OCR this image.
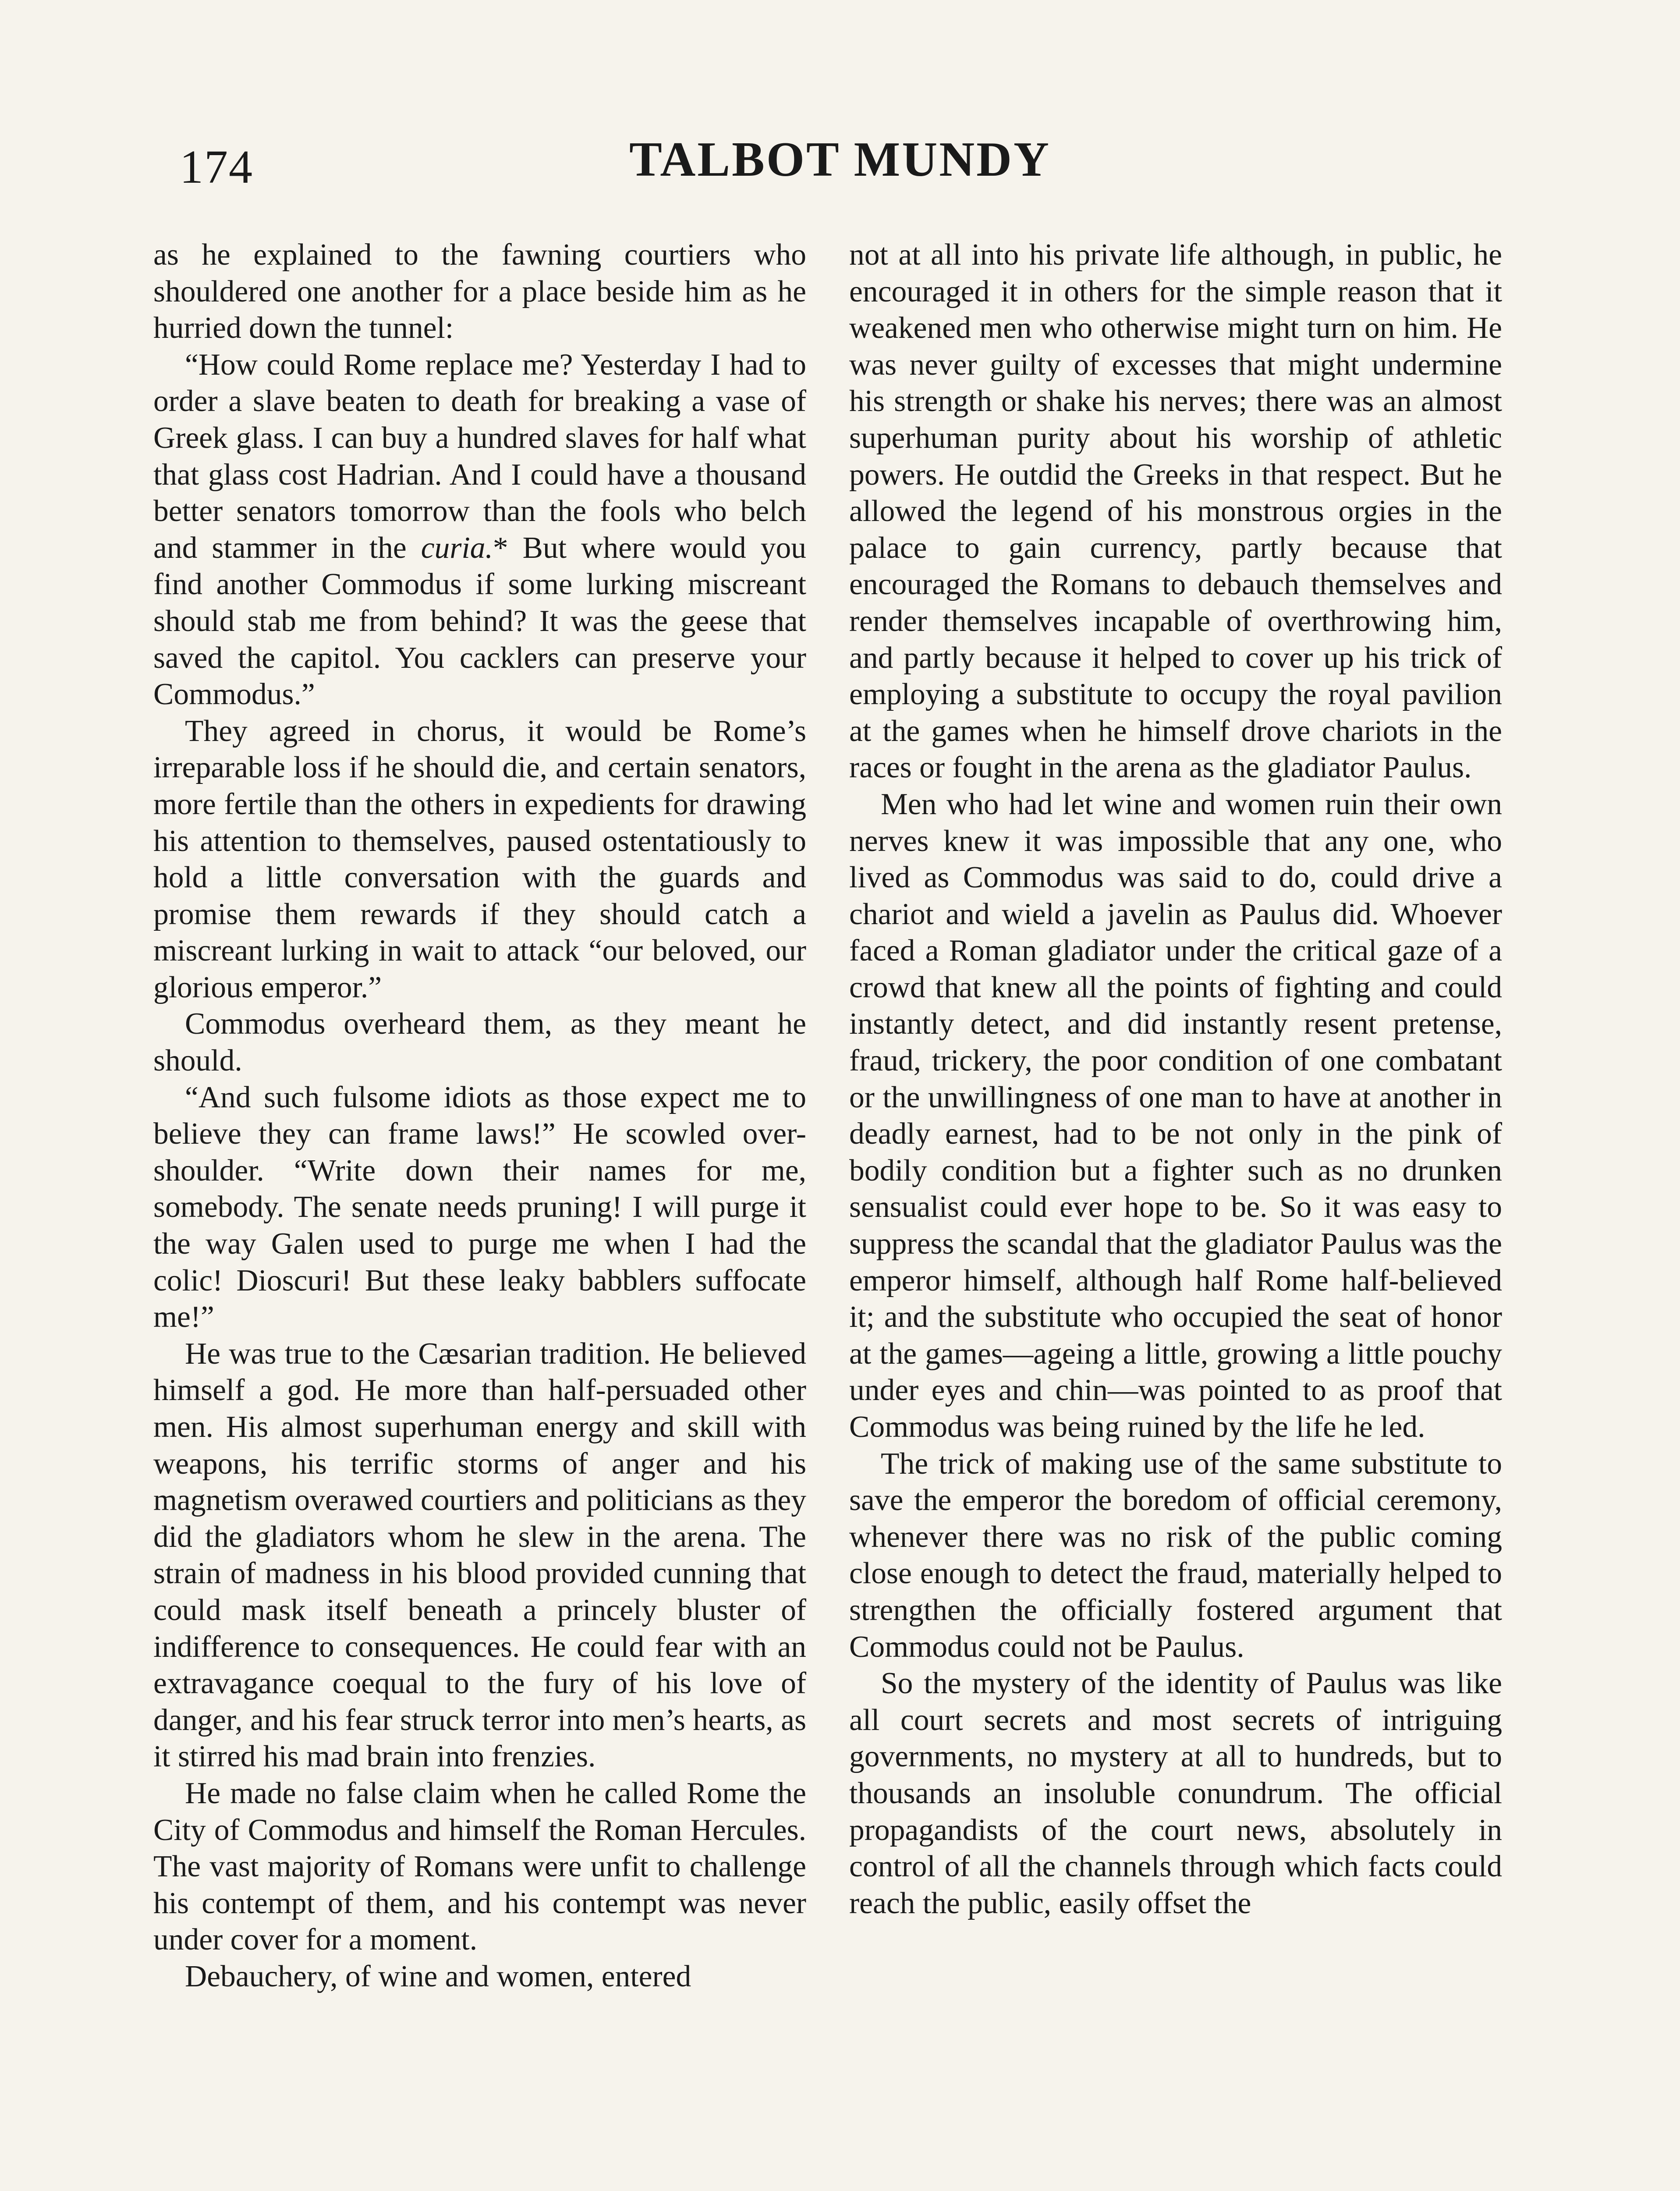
174	TALBOT MUNDY

as he explained to the fawning courtiers who shouldered one another for a place beside him as he hurried down the tunnel:

“How could Rome replace me? Yesterday I had to order a slave beaten to death for breaking a vase of Greek glass. I can buy a hundred slaves for half what that glass cost Hadrian. And I could have a thousand better senators tomorrow than the fools who belch and stammer in the curia.* But where would you find another Commodus if some lurking miscreant should stab me from behind? It was the geese that saved the capitol. You cacklers can preserve your Commodus.”

They agreed in chorus, it would be Rome’s irreparable loss if he should die, and certain senators, more fertile than the others in expedients for drawing his attention to themselves, paused ostentatiously to hold a little conversation with the guards and promise them rewards if they should catch a miscreant lurking in wait to attack “our beloved, our glorious emperor.”

Commodus overheard them, as they meant he should.

“And such fulsome idiots as those expect me to believe they can frame laws!” He scowled over-shoulder. “Write down their names for me, somebody. The senate needs pruning! I will purge it the way Galen used to purge me when I had the colic! Dioscuri! But these leaky babblers suffocate me!”

He was true to the Cæsarian tradition. He believed himself a god. He more than half-persuaded other men. His almost superhuman energy and skill with weapons, his terrific storms of anger and his magnetism overawed courtiers and politicians as they did the gladiators whom he slew in the arena. The strain of madness in his blood provided cunning that could mask itself beneath a princely bluster of indifference to consequences. He could fear with an extravagance coequal to the fury of his love of danger, and his fear struck terror into men’s hearts, as it stirred his mad brain into frenzies.

He made no false claim when he called Rome the City of Commodus and himself the Roman Hercules. The vast majority of Romans were unfit to challenge his contempt of them, and his contempt was never under cover for a moment.

Debauchery, of wine and women, entered

not at all into his private life although, in public, he encouraged it in others for the simple reason that it weakened men who otherwise might turn on him. He was never guilty of excesses that might undermine his strength or shake his nerves; there was an almost superhuman purity about his worship of athletic powers. He outdid the Greeks in that respect. But he allowed the legend of his monstrous orgies in the palace to gain currency, partly because that encouraged the Romans to debauch themselves and render themselves incapable of overthrowing him, and partly because it helped to cover up his trick of employing a substitute to occupy the royal pavilion at the games when he himself drove chariots in the races or fought in the arena as the gladiator Paulus.

Men who had let wine and women ruin their own nerves knew it was impossible that any one, who lived as Commodus was said to do, could drive a chariot and wield a javelin as Paulus did. Whoever faced a Roman gladiator under the critical gaze of a crowd that knew all the points of fighting and could instantly detect, and did instantly resent pretense, fraud, trickery, the poor condition of one combatant or the unwillingness of one man to have at another in deadly earnest, had to be not only in the pink of bodily condition but a fighter such as no drunken sensualist could ever hope to be. So it was easy to suppress the scandal that the gladiator Paulus was the emperor himself, although half Rome half-believed it; and the substitute who occupied the seat of honor at the games—ageing a little, growing a little pouchy under eyes and chin—was pointed to as proof that Commodus was being ruined by the life he led.

The trick of making use of the same substitute to save the emperor the boredom of official ceremony, whenever there was no risk of the public coming close enough to detect the fraud, materially helped to strengthen the officially fostered argument that Commodus could not be Paulus.

So the mystery of the identity of Paulus was like all court secrets and most secrets of intriguing governments, no mystery at all to hundreds, but to thousands an insoluble conundrum. The official propagandists of the court news, absolutely in control of all the channels through which facts could reach the public, easily offset the
